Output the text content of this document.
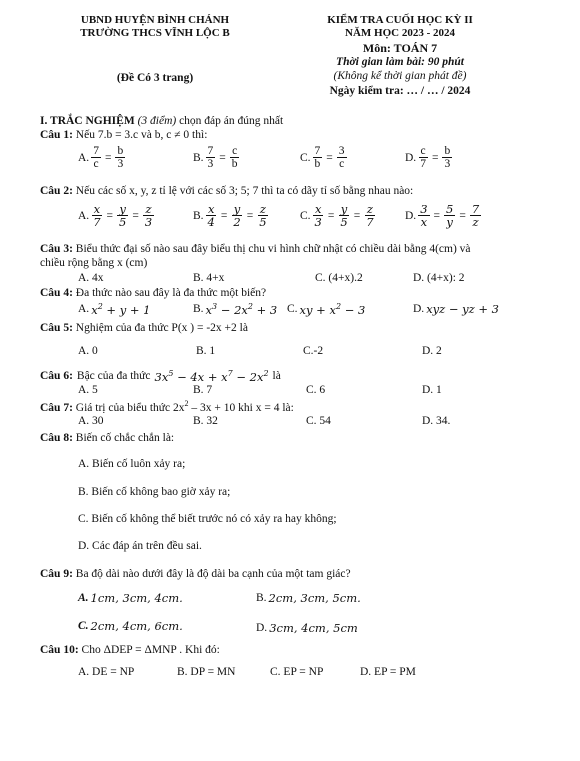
UBND HUYỆN BÌNH CHÁNH
TRƯỜNG THCS VĨNH LỘC B
(Đề Có 3 trang)
KIỂM TRA CUỐI HỌC KỲ II
NĂM HỌC 2023 - 2024
Môn: TOÁN 7
Thời gian làm bài: 90 phút
(Không kể thời gian phát đề)
Ngày kiểm tra: … / … / 2024
I. TRẮC NGHIỆM (3 điểm) chọn đáp án đúng nhất
Câu 1: Nếu 7.b = 3.c và b, c ≠ 0 thì:
A. $\frac{7}{c} = \frac{b}{3}$	B. $\frac{7}{3} = \frac{c}{b}$	C. $\frac{7}{b} = \frac{3}{c}$	D. $\frac{c}{7} = \frac{b}{3}$
Câu 2: Nếu các số x, y, z tỉ lệ với các số 3; 5; 7 thì ta có dãy tỉ số bằng nhau nào:
A. $\frac{x}{7} = \frac{y}{5} = \frac{z}{3}$	B. $\frac{x}{4} = \frac{y}{2} = \frac{z}{5}$	C. $\frac{x}{3} = \frac{y}{5} = \frac{z}{7}$	D. $\frac{3}{x} = \frac{5}{y} = \frac{7}{z}$
Câu 3: Biểu thức đại số nào sau đây biểu thị chu vi hình chữ nhật có chiều dài bằng 4(cm) và
chiều rộng bằng x (cm)
A. 4x	B. 4+x	C. (4+x).2	D. (4+x): 2
Câu 4: Đa thức nào sau đây là đa thức một biến?
A. $x^2 + y + 1$	B. $x^3 - 2x^2 + 3$ C. xy + $x^2 - 3$	D. xyz − yz + 3
Câu 5: Nghiệm của đa thức P(x ) = -2x +2 là
A. 0	B. 1	C.-2	D. 2
Câu 6: Bậc của đa thức $3x^5 - 4x + x^7 - 2x^2$ là
A. 5	B. 7	C. 6	D. 1
Câu 7: Giá trị của biểu thức $2x^2 - 3x + 10$ khi x = 4 là:
A. 30	B. 32	C. 54	D. 34.
Câu 8: Biến cố chắc chắn là:
A. Biến cố luôn xảy ra;
B. Biến cố không bao giờ xảy ra;
C. Biến cố không thể biết trước nó có xảy ra hay không;
D. Các đáp án trên đều sai.
Câu 9: Ba độ dài nào dưới đây là độ dài ba cạnh của một tam giác?
A. 1cm, 3cm, 4cm.	B. 2cm, 3cm, 5cm.
C. 2cm, 4cm, 6cm.	D. 3cm, 4cm, 5cm
Câu 10: Cho ΔDEP = ΔMNP . Khi đó:
A. DE = NP	B. DP = MN	C. EP = NP	D. EP = PM
